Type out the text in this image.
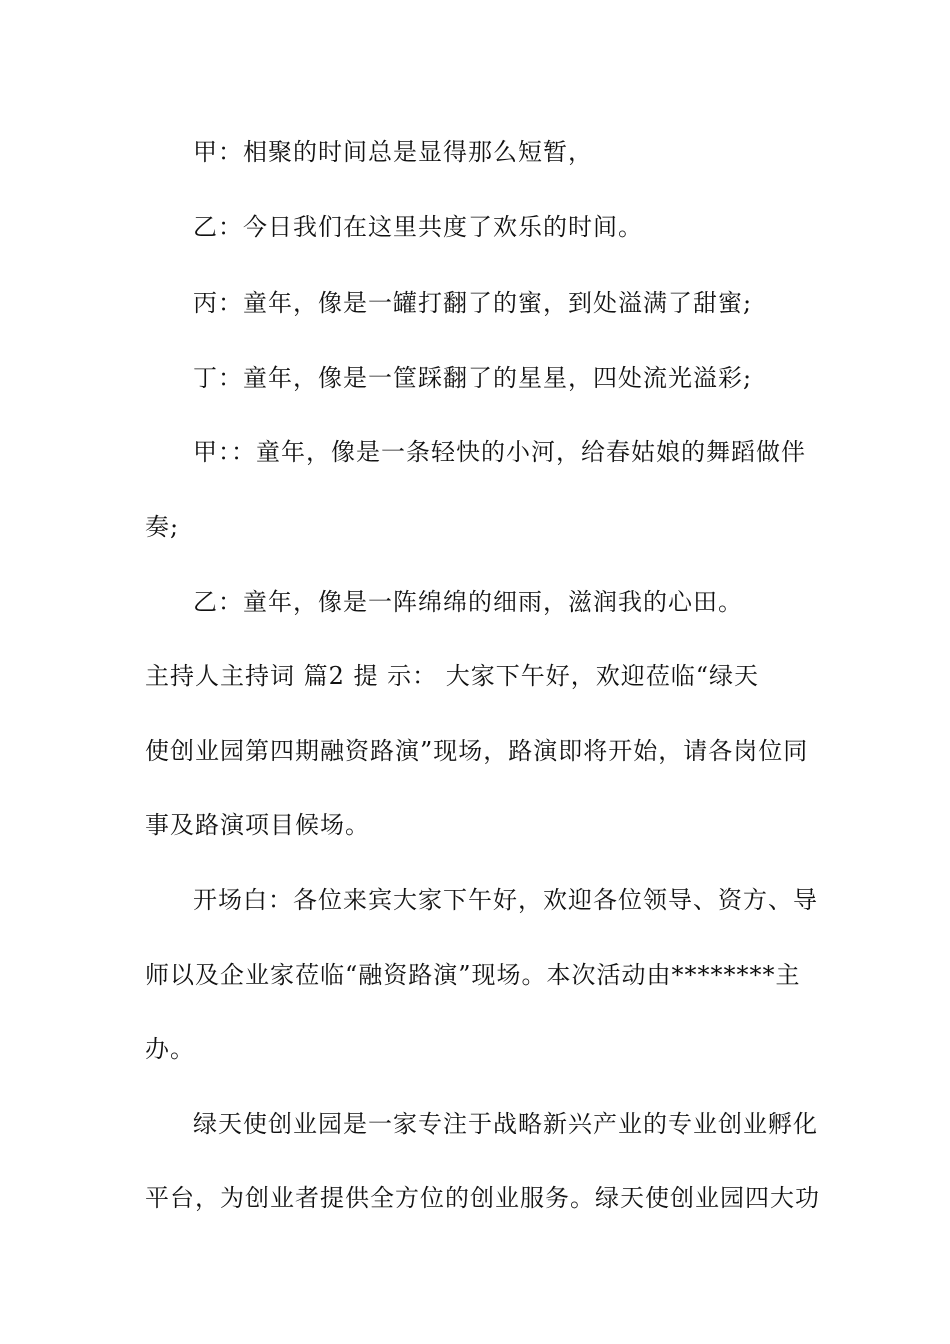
甲：相聚的时间总是显得那么短暂，
乙：今日我们在这里共度了欢乐的时间。
丙：童年，像是一罐打翻了的蜜，到处溢满了甜蜜;
丁：童年，像是一筐踩翻了的星星，四处流光溢彩;
甲：：童年，像是一条轻快的小河，给春姑娘的舞蹈做伴
奏;
乙：童年，像是一阵绵绵的细雨，滋润我的心田。
主持人主持词 篇2 提 示： 大家下午好，欢迎莅临“绿天
使创业园第四期融资路演”现场，路演即将开始，请各岗位同
事及路演项目候场。
开场白：各位来宾大家下午好，欢迎各位领导、资方、导
师以及企业家莅临“融资路演”现场。本次活动由********主
办。
绿天使创业园是一家专注于战略新兴产业的专业创业孵化
平台，为创业者提供全方位的创业服务。绿天使创业园四大功
